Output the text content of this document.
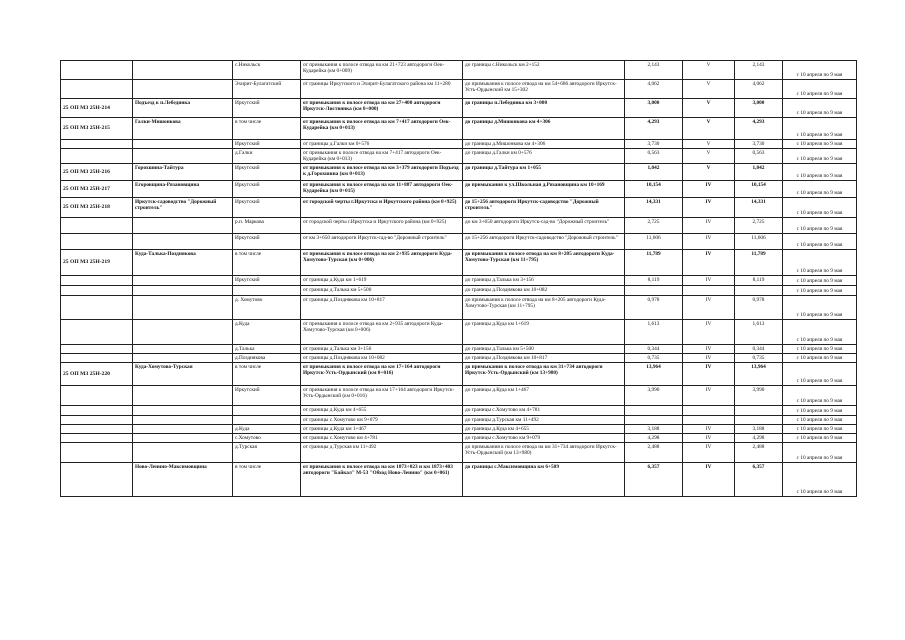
		с.Никольск	от примыкания к полосе отвода на км 21+723 автодороги Оек-Кударейка (км 0+009)	до границы с.Никольск км 2+152	2,143	V	2,143	с 10 апреля по 9 мая
		Эхирит-Булагатский	от границы Иркутского и Эхирит-Булагатского района км 11+280	до примыкания к полосе отвода на км 54+686 автодороги Иркутск-Усть-Ордынский км 15+302	4,062	V	4,062	с 10 апреля по 9 мая
25 ОП МЗ 25Н-214	Подъезд к п.Лебединка	Иркутский	от примыкания к полосе отвода на км 27+400 автодороги Иркутск-Листвянка (км 0+000)	до границы п.Лебединка км 3+000	3,000	V	3,000	с 10 апреля по 9 мая
25 ОП МЗ 25Н-215	Галки-Мишонкова	в том числе	от примыкания к полосе отвода на км 7+417 автодороги Оек-Кударейка (км 0+013)	до границы д.Мишонкова км 4+306	4,293	V	4,293	с 10 апреля по 9 мая
		Иркутский	от границы д.Галки км 0+576	до границы д.Мишонкова км 4+306	3,730	V	3,730	с 10 апреля по 9 мая
		д.Галки	от примыкания к полосе отвода на км 7+417 автодороги Оек-Кударейка (км 0+013)	до границы д.Галки км 0+576	0,563	V	0,563	с 10 апреля по 9 мая
25 ОП МЗ 25Н-216	Горохшина-Тайтура	Иркутский	от примыкания к полосе отвода на км 3+379 автодороги Подъезд к д.Горохшина (км 0+013)	до границы д.Тайтура км 1+055	1,042	V	1,042	с 10 апреля по 9 мая
25 ОП МЗ 25Н-217	Егоровщина-Рязановщина	Иркутский	от примыкания к полосе отвода на км 11+887 автодороги Оек-Кударейка (км 0+015)	до примыкания к ул.Школьная д.Рязановщина км 10+169	10,154	IV	10,154	с 10 апреля по 9 мая
25 ОП МЗ 25Н-218	Иркутск-садоводство "Дорожный строитель"	Иркутский	от городской черты г.Иркутска и Иркутского района (км 0+925)	до 15+256 автодороги Иркутск-садоводство "Дорожный строитель"	14,331	IV	14,331	с 10 апреля по 9 мая
		р.п. Маркова	от городской черты г.Иркутска и Иркутского района (км 0+925)	до км 3+650 автодороги Иркутск-сад-во "Дорожный строитель"	2,725	IV	2,725	с 10 апреля по 9 мая
		Иркутский	от км 3+650 автодороги Иркутск-сад-во "Дорожный строитель"	до 15+256 автодороги Иркутск-садоводство "Дорожный строитель"	11,606	IV	11,606	с 10 апреля по 9 мая
25 ОП МЗ 25Н-219	Куда-Талька-Позднякова	в том числе	от примыкания к полосе отвода на км 2+935 автодороги Куда-Хомутово-Турская (км 0+006)	до примыкания к полосе отвода на км 8+205 автодороги Куда-Хомутово-Турская (км 11+795)	11,789	IV	11,789	с 10 апреля по 9 мая
		Иркутский	от границы д.Куда км 1+619	до границы д.Талька км 3+156	8,119	IV	8,119	с 10 апреля по 9 мая
			от границы д.Талька км 5+500	до границы д.Позднякова км 10+082				с 10 апреля по 9 мая
		д. Хомутово	от границы д.Позднякова км 10+817	до примыкания к полосе отвода на км 8+205 автодороги Куда-Хомутово-Турская (км 11+795)	0,978	IV	0,978	с 10 апреля по 9 мая
		д.Куда	от примыкания к полосе отвода на км 2+935 автодороги Куда-Хомутово-Турская (км 0+006)	до границы д.Куда км 1+619	1,613	IV	1,613	с 10 апреля по 9 мая
		д.Талька	от границы д.Талька км 3+156	до границы д.Талька км 5+500	0,344	IV	0,344	с 10 апреля по 9 мая
		д.Позднякова	от границы д.Позднякова км 10+082	до границы д.Позднякова км 10+817	0,735	IV	0,735	с 10 апреля по 9 мая
25 ОП МЗ 25Н-220	Куда-Хомутово-Турская	в том числе	от примыкания к полосе отвода на км 17+164 автодороги Иркутск-Усть-Ордынский (км 0+016)	до примыкания к полосе отвода на км 31+734 автодороги Иркутск-Усть-Ордынский (км 13+980)	13,964	IV	13,964	с 10 апреля по 9 мая
		Иркутский	от примыкания к полосе отвода на км 17+164 автодороги Иркутск-Усть-Ордынский (км 0+016)	до границы д.Куда км 1+467	3,990	IV	3,990	с 10 апреля по 9 мая
			от границы д.Куда км 4+655	до границы с.Хомутово км 4+781				с 10 апреля по 9 мая
			от границы с.Хомутово км 9+079	до границы д.Турская км 11+492				с 10 апреля по 9 мая
		д.Куда	от границы д.Куда км 1+467	до границы д.Куда км 4+655	3,188	IV	3,188	с 10 апреля по 9 мая
		с.Хомутово	от границы с.Хомутово км 4+781	до границы с.Хомутово км 9+079	4,298	IV	4,298	с 10 апреля по 9 мая
		д.Турская	от границы д.Турская км 11+492	до примыкания к полосе отвода на км 31+734 автодороги Иркутск-Усть-Ордынский (км 13+980)	2,488	IV	2,488	с 10 апреля по 9 мая
	Ново-Ленино-Максимовщина	в том числе	от примыкания к полосе отвода на км 1873+023 и км 1873+403 автодороги "Байкал" М-53 "Обход Ново-Ленино" (км 0+061)	до границы с.Максимовщина км 6+509	6,357	IV	6,357	с 10 апреля по 9 мая
